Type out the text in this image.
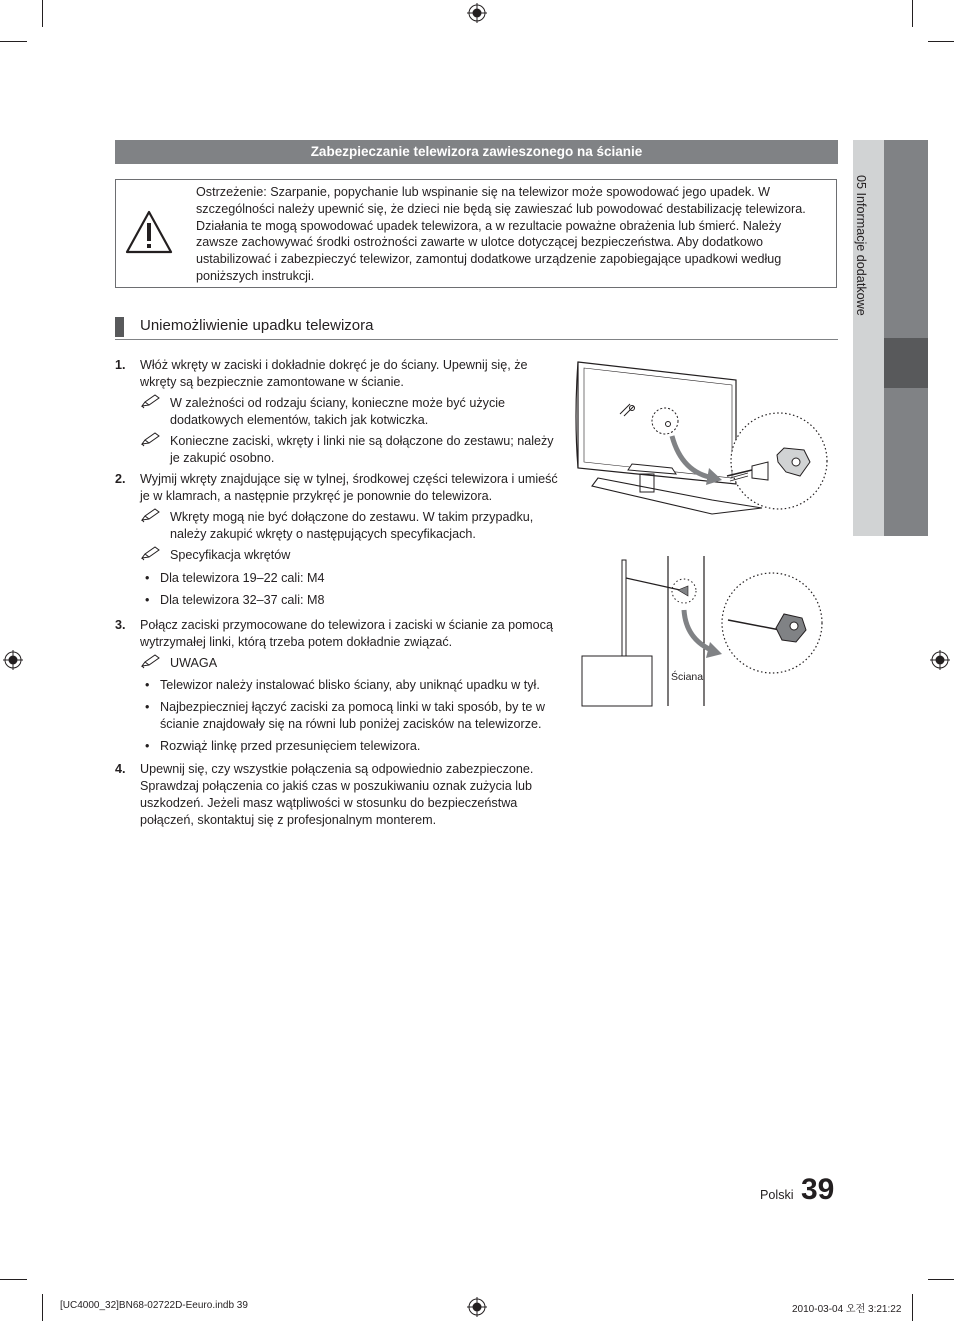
05 Informacje dodatkowe
Zabezpieczanie telewizora zawieszonego na ścianie
Ostrzeżenie: Szarpanie, popychanie lub wspinanie się na telewizor może spowodować jego upadek. W szczególności należy upewnić się, że dzieci nie będą się zawieszać lub powodować destabilizację telewizora. Działania te mogą spowodować upadek telewizora, a w rezultacie poważne obrażenia lub śmierć. Należy zawsze zachowywać środki ostrożności zawarte w ulotce dotyczącej bezpieczeństwa. Aby dodatkowo ustabilizować i zabezpieczyć telewizor, zamontuj dodatkowe urządzenie zapobiegające upadkowi według poniższych instrukcji.
Uniemożliwienie upadku telewizora
1. Włóż wkręty w zaciski i dokładnie dokręć je do ściany. Upewnij się, że wkręty są bezpiecznie zamontowane w ścianie.
W zależności od rodzaju ściany, konieczne może być użycie dodatkowych elementów, takich jak kotwiczka.
Konieczne zaciski, wkręty i linki nie są dołączone do zestawu; należy je zakupić osobno.
2. Wyjmij wkręty znajdujące się w tylnej, środkowej części telewizora i umieść je w klamrach, a następnie przykręć je ponownie do telewizora.
Wkręty mogą nie być dołączone do zestawu. W takim przypadku, należy zakupić wkręty o następujących specyfikacjach.
Specyfikacja wkrętów
• Dla telewizora 19–22 cali: M4
• Dla telewizora 32–37 cali: M8
3. Połącz zaciski przymocowane do telewizora i zaciski w ścianie za pomocą wytrzymałej linki, którą trzeba potem dokładnie związać.
UWAGA
• Telewizor należy instalować blisko ściany, aby uniknąć upadku w tył.
• Najbezpieczniej łączyć zaciski za pomocą linki w taki sposób, by te w ścianie znajdowały się na równi lub poniżej zacisków na telewizorze.
• Rozwiąż linkę przed przesunięciem telewizora.
4. Upewnij się, czy wszystkie połączenia są odpowiednio zabezpieczone. Sprawdzaj połączenia co jakiś czas w poszukiwaniu oznak zużycia lub uszkodzeń. Jeżeli masz wątpliwości w stosunku do bezpieczeństwa połączeń, skontaktuj się z profesjonalnym monterem.
Ściana
Polski 39
[UC4000_32]BN68-02722D-Eeuro.indb 39	2010-03-04 오전 3:21:22
